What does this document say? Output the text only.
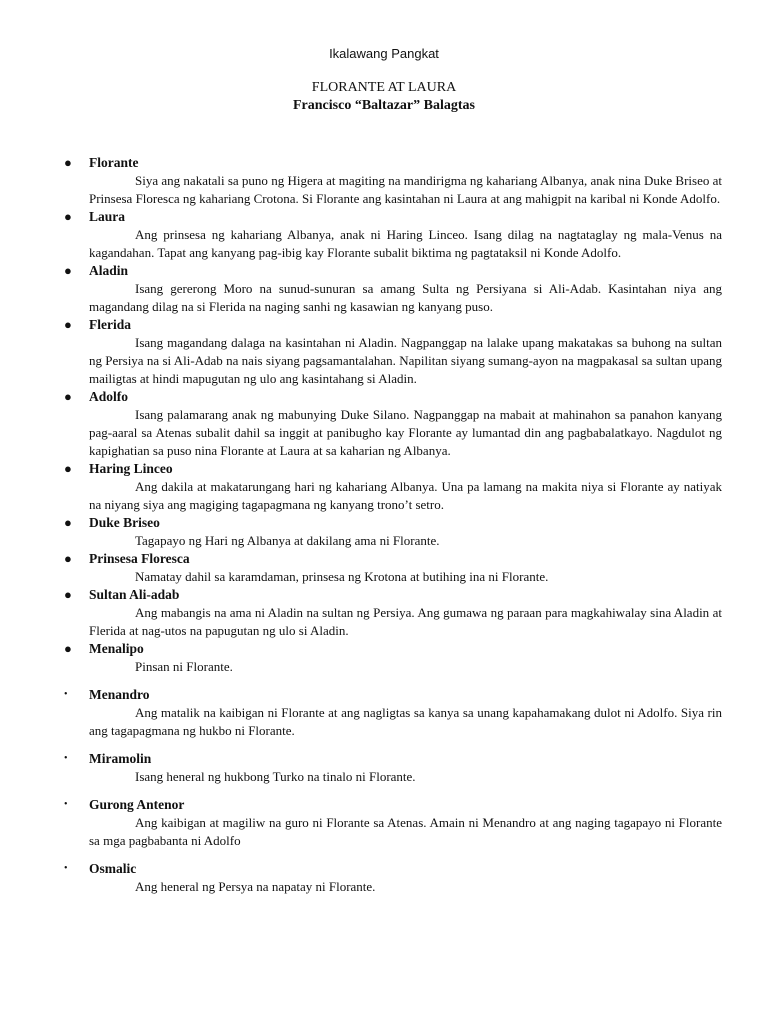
Ikalawang Pangkat
FLORANTE AT LAURA
Francisco “Baltazar” Balagtas
●	Florante
Siya ang nakatali sa puno ng Higera at magiting na mandirigma ng kahariang Albanya, anak nina Duke Briseo at Prinsesa Floresca ng kahariang Crotona. Si Florante ang kasintahan ni Laura at ang mahigpit na karibal ni Konde Adolfo.
●	Laura
Ang prinsesa ng kahariang Albanya, anak ni Haring Linceo. Isang dilag na nagtataglay ng mala-Venus na kagandahan. Tapat ang kanyang pag-ibig kay Florante subalit biktima ng pagtataksil ni Konde Adolfo.
●	Aladin
Isang gererong Moro na sunud-sunuran sa amang Sulta ng Persiyana si Ali-Adab. Kasintahan niya ang magandang dilag na si Flerida na naging sanhi ng kasawian ng kanyang puso.
●	Flerida
Isang magandang dalaga na kasintahan ni Aladin. Nagpanggap na lalake upang makatakas sa buhong na sultan ng Persiya na si Ali-Adab na nais siyang pagsamantalahan. Napilitan siyang sumang-ayon na magpakasal sa sultan upang mailigtas at hindi mapugutan ng ulo ang kasintahang si Aladin.
●	Adolfo
Isang palamarang anak ng mabunying Duke Silano. Nagpanggap na mabait at mahinahon sa panahon kanyang pag-aaral sa Atenas subalit dahil sa inggit at panibugho kay Florante ay lumantad din ang pagbabalatkayo. Nagdulot ng kapighatian sa puso nina Florante at Laura at sa kaharian ng Albanya.
●	Haring Linceo
Ang dakila at makatarungang hari ng kahariang Albanya. Una pa lamang na makita niya si Florante ay natiyak na niyang siya ang magiging tagapagmana ng kanyang trono’t setro.
●	Duke Briseo
Tagapayo ng Hari ng Albanya at dakilang ama ni Florante.
●	Prinsesa Floresca
Namatay dahil sa karamdaman, prinsesa ng Krotona at butihing ina ni Florante.
●	Sultan Ali-adab
Ang mabangis na ama ni Aladin na sultan ng Persiya. Ang gumawa ng paraan para magkahiwalay sina Aladin at Flerida at nag-utos na papugutan ng ulo si Aladin.
●	Menalipo
Pinsan ni Florante.
•	Menandro
Ang matalik na kaibigan ni Florante at ang nagligtas sa kanya sa unang kapahamakang dulot ni Adolfo. Siya rin ang tagapagmana ng hukbo ni Florante.
•	Miramolin
Isang heneral ng hukbong Turko na tinalo ni Florante.
•	Gurong Antenor
Ang kaibigan at magiliw na guro ni Florante sa Atenas. Amain ni Menandro at ang naging tagapayo ni Florante sa mga pagbabanta ni Adolfo
•	Osmalic
Ang heneral ng Persya na napatay ni Florante.
